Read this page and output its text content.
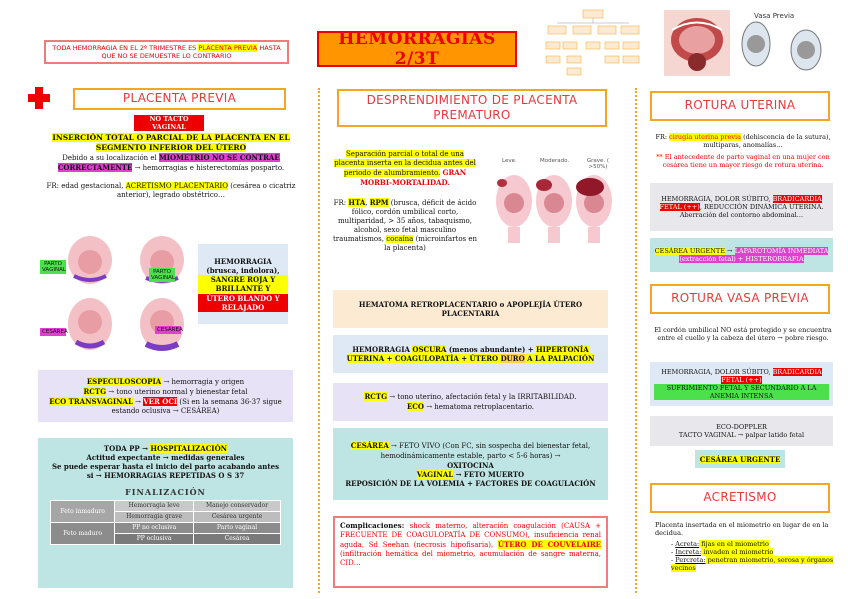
TODA HEMORRAGIA EN EL 2º TRIMESTRE ES PLACENTA PREVIA HASTA QUE NO SE DEMUESTRE LO CONTRARIO
HEMORRAGIAS 2/3T
Vasa Previa
PLACENTA PREVIA
NO TACTO VAGINAL
INSERCIÓN TOTAL O PARCIAL DE LA PLACENTA EN EL SEGMENTO INFERIOR DEL ÚTERO
Debido a su localización el MIOMETRIO NO SE CONTRAE CORRECTAMENTE → hemorragias e histerectomías posparto.
FR: edad gestacional, ACRETISMO PLACENTARIO (cesárea o cicatriz anterior), legrado obstétrico…
PARTO VAGINAL	PARTO VAGINAL
CESÁREA	CESÁREA
HEMORRAGIA
(brusca, indolora),
SANGRE ROJA Y BRILLANTE Y
ÚTERO BLANDO Y RELAJADO
ESPECULOSCOPIA → hemorragia y origen
RCTG → tono uterino normal y bienestar fetal
ECO TRANSVAGINAL → VER OCI (Si en la semana 36-37 sigue estando oclusiva → CESÁREA)
TODA PP → HOSPITALIZACIÓN
Actitud expectante → medidas generales
Se puede esperar hasta el inicio del parto acabando antes si → HEMORRAGIAS REPETIDAS O S 37
FINALIZACIÓN
Feto inmaduro	Hemorragia leve	Manejo conservador
	Hemorragia grave	Cesárea urgente
Feto maduro	PP no oclusiva	Parto vaginal
	PP oclusiva	Cesárea
DESPRENDIMIENTO DE PLACENTA PREMATURO
Separación parcial o total de una placenta inserta en la decidua antes del periodo de alumbramiento. GRAN MORBI-MORTALIDAD.
FR: HTA, RPM (brusca, déficit de ácido fólico, cordón umbilical corto, multiparidad, > 35 años, tabaquismo, alcohol, sexo fetal masculino traumatismos, cocaína (microinfartos en la placenta)
Leve.	Moderado.	Grave. ( >50%)
HEMATOMA RETROPLACENTARIO o APOPLEJÍA ÚTERO PLACENTARIA
HEMORRAGIA OSCURA (menos abundante) + HIPERTONÍA UTERINA + COAGULOPATÍA + ÚTERO DURO A LA PALPACIÓN
RCTG → tono uterino, afectación fetal y la IRRITABILIDAD.
ECO → hematoma retroplacentario.
CESÁREA → FETO VIVO (Con FC, sin sospecha del bienestar fetal, hemodinámicamente estable, parto < 5-6 horas) →
OXITOCINA
VAGINAL → FETO MUERTO
REPOSICIÓN DE LA VOLEMIA + FACTORES DE COAGULACIÓN
Complicaciones: shock materno, alteración coagulación (CAUSA + FRECUENTE DE COAGULOPATÍA DE CONSUMO), insuficiencia renal aguda, Sd Seehan (necrosis hipofisaria), ÚTERO DE COUVELAIRE (infiltración hemática del miometrio, acumulación de sangre materna, CID…
ROTURA UTERINA
FR: cirugía uterina previa (dehiscencia de la sutura), multíparas, anomalías…
** El antecedente de parto vaginal en una mujer con cesárea tiene un mayor riesgo de rotura uterina.
HEMORRAGIA, DOLOR SÚBITO, BRADICARDIA FETAL (++), REDUCCIÓN DINÁMICA UTERINA. Aberración del contorno abdominal…
CESÁREA URGENTE → LAPAROTOMÍA INMEDIATA (extracción fetal) + HISTERORRAFIA
ROTURA VASA PREVIA
El cordón umbilical NO está protegido y se encuentra entre el cuello y la cabeza del útero → pobre riesgo.
HEMORRAGIA, DOLOR SÚBITO, BRADICARDIA FETAL (++)
SUFRIMIENTO FETAL Y SECUNDARIO A LA ANEMIA INTENSA
ECO-DOPPLER
TACTO VAGINAL → palpar latido fetal
CESÁREA URGENTE
ACRETISMO
Placenta insertada en el miometrio en lugar de en la decidua.
- Acreta: fijas en el miometrio
- Increta: invaden el miometrio
- Percreta: penetran miometrio, serosa y órganos vecinos
